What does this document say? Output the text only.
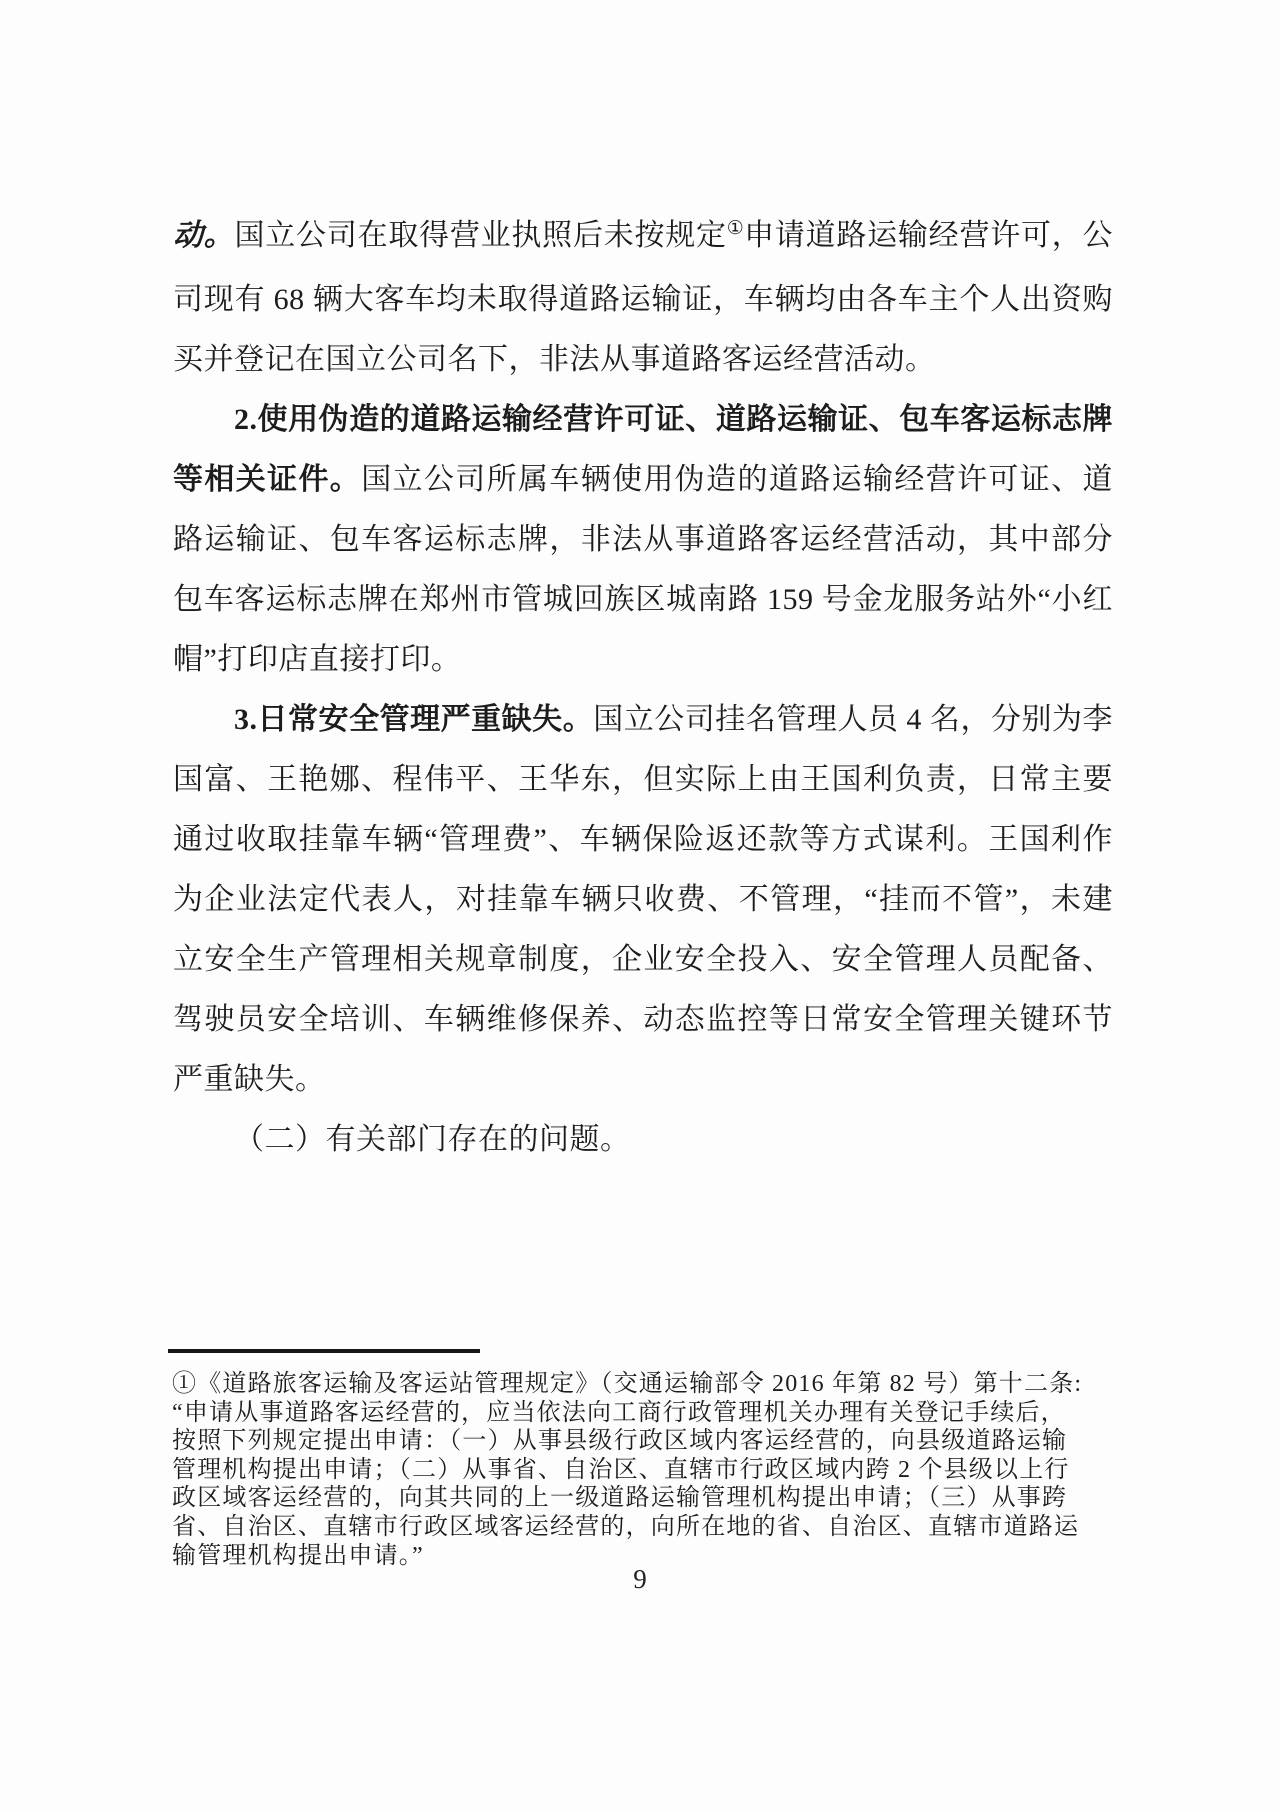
动。国立公司在取得营业执照后未按规定①申请道路运输经营许可，公司现有 68 辆大客车均未取得道路运输证，车辆均由各车主个人出资购买并登记在国立公司名下，非法从事道路客运经营活动。

2.使用伪造的道路运输经营许可证、道路运输证、包车客运标志牌等相关证件。国立公司所属车辆使用伪造的道路运输经营许可证、道路运输证、包车客运标志牌，非法从事道路客运经营活动，其中部分包车客运标志牌在郑州市管城回族区城南路 159 号金龙服务站外“小红帽”打印店直接打印。

3.日常安全管理严重缺失。国立公司挂名管理人员 4 名，分别为李国富、王艳娜、程伟平、王华东，但实际上由王国利负责，日常主要通过收取挂靠车辆“管理费”、车辆保险返还款等方式谋利。王国利作为企业法定代表人，对挂靠车辆只收费、不管理，“挂而不管”，未建立安全生产管理相关规章制度，企业安全投入、安全管理人员配备、驾驶员安全培训、车辆维修保养、动态监控等日常安全管理关键环节严重缺失。

（二）有关部门存在的问题。

①《道路旅客运输及客运站管理规定》（交通运输部令 2016 年第 82 号）第十二条:
“申请从事道路客运经营的，应当依法向工商行政管理机关办理有关登记手续后，
按照下列规定提出申请：（一）从事县级行政区域内客运经营的，向县级道路运输
管理机构提出申请；（二）从事省、自治区、直辖市行政区域内跨 2 个县级以上行
政区域客运经营的，向其共同的上一级道路运输管理机构提出申请；（三）从事跨
省、自治区、直辖市行政区域客运经营的，向所在地的省、自治区、直辖市道路运
输管理机构提出申请。”
9
